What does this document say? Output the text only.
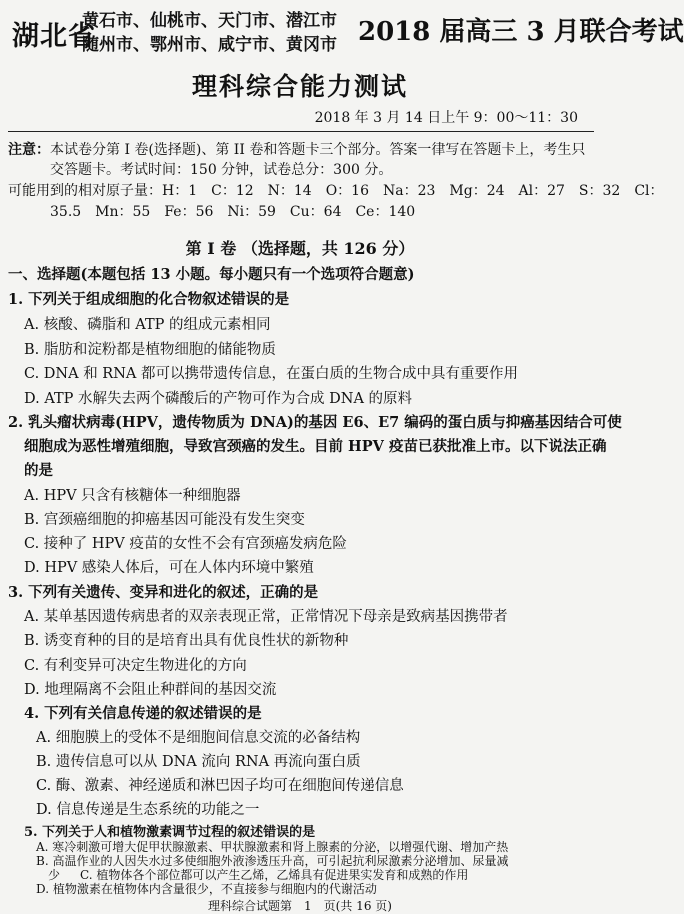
湖北省
黄石市、仙桃市、天门市、潜江市
随州市、鄂州市、咸宁市、黄冈市 2018 届高三 3 月联合考试
理科综合能力测试
2018 年 3 月 14 日上午 9：00～11：30
注意：本试卷分第 I 卷(选择题)、第 II 卷和答题卡三个部分。答案一律写在答题卡上，考生只
交答题卡。考试时间：150 分钟，试卷总分：300 分。
可能用到的相对原子量：H：1　C：12　N：14　O：16　Na：23　Mg：24　Al：27　S：32　Cl：
35.5　Mn：55　Fe：56　Ni：59　Cu：64　Ce：140
第 I 卷 （选择题，共 126 分）
一、选择题(本题包括 13 小题。每小题只有一个选项符合题意)
1. 下列关于组成细胞的化合物叙述错误的是
A. 核酸、磷脂和 ATP 的组成元素相同
B. 脂肪和淀粉都是植物细胞的储能物质
C. DNA 和 RNA 都可以携带遗传信息，在蛋白质的生物合成中具有重要作用
D. ATP 水解失去两个磷酸后的产物可作为合成 DNA 的原料
2. 乳头瘤状病毒(HPV，遗传物质为 DNA)的基因 E6、E7 编码的蛋白质与抑癌基因结合可使
细胞成为恶性增殖细胞，导致宫颈癌的发生。目前 HPV 疫苗已获批准上市。以下说法正确
的是
A. HPV 只含有核糖体一种细胞器
B. 宫颈癌细胞的抑癌基因可能没有发生突变
C. 接种了 HPV 疫苗的女性不会有宫颈癌发病危险
D. HPV 感染人体后，可在人体内环境中繁殖
3. 下列有关遗传、变异和进化的叙述，正确的是
A. 某单基因遗传病患者的双亲表现正常，正常情况下母亲是致病基因携带者
B. 诱变育种的目的是培育出具有优良性状的新物种
C. 有利变异可决定生物进化的方向
D. 地理隔离不会阻止种群间的基因交流
4. 下列有关信息传递的叙述错误的是
A. 细胞膜上的受体不是细胞间信息交流的必备结构
B. 遗传信息可以从 DNA 流向 RNA 再流向蛋白质
C. 酶、激素、神经递质和淋巴因子均可在细胞间传递信息
D. 信息传递是生态系统的功能之一
5. 下列关于人和植物激素调节过程的叙述错误的是
A. 寒冷刺激可增大促甲状腺激素、甲状腺激素和肾上腺素的分泌，以增强代谢、增加产热
B. 高温作业的人因失水过多使细胞外液渗透压升高，可引起抗利尿激素分泌增加、尿量减
少 C. 植物体各个部位都可以产生乙烯，乙烯具有促进果实发育和成熟的作用
D. 植物激素在植物体内含量很少，不直接参与细胞内的代谢活动
理科综合试题第　1　页(共 16 页)
